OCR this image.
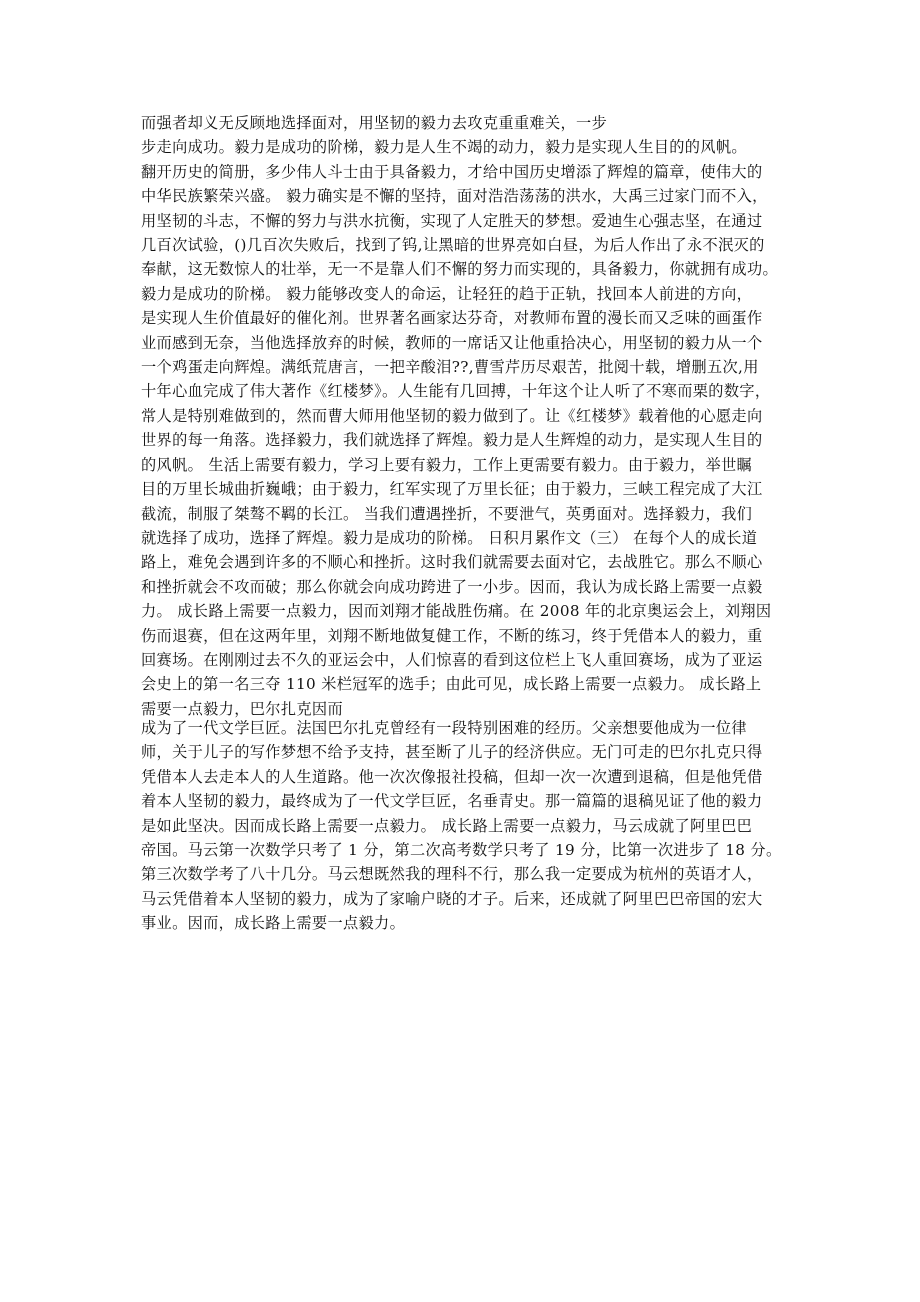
而强者却义无反顾地选择面对，用坚韧的毅力去攻克重重难关，一步
步走向成功。毅力是成功的阶梯，毅力是人生不竭的动力，毅力是实现人生目的的风帆。
翻开历史的简册，多少伟人斗士由于具备毅力，才给中国历史增添了辉煌的篇章，使伟大的
中华民族繁荣兴盛。 毅力确实是不懈的坚持，面对浩浩荡荡的洪水，大禹三过家门而不入，
用坚韧的斗志，不懈的努力与洪水抗衡，实现了人定胜天的梦想。爱迪生心强志坚，在通过
几百次试验，()几百次失败后，找到了钨,让黑暗的世界亮如白昼，为后人作出了永不泯灭的
奉献，这无数惊人的壮举，无一不是靠人们不懈的努力而实现的，具备毅力，你就拥有成功。
毅力是成功的阶梯。 毅力能够改变人的命运，让轻狂的趋于正轨，找回本人前进的方向，
是实现人生价值最好的催化剂。世界著名画家达芬奇，对教师布置的漫长而又乏味的画蛋作
业而感到无奈，当他选择放弃的时候，教师的一席话又让他重拾决心，用坚韧的毅力从一个
一个鸡蛋走向辉煌。满纸荒唐言，一把辛酸泪??,曹雪芹历尽艰苦，批阅十载，增删五次,用
十年心血完成了伟大著作《红楼梦》。人生能有几回搏，十年这个让人听了不寒而栗的数字，
常人是特别难做到的，然而曹大师用他坚韧的毅力做到了。让《红楼梦》载着他的心愿走向
世界的每一角落。选择毅力，我们就选择了辉煌。毅力是人生辉煌的动力，是实现人生目的
的风帆。 生活上需要有毅力，学习上要有毅力，工作上更需要有毅力。由于毅力，举世瞩
目的万里长城曲折巍峨；由于毅力，红军实现了万里长征；由于毅力，三峡工程完成了大江
截流，制服了桀骜不羁的长江。 当我们遭遇挫折，不要泄气，英勇面对。选择毅力，我们
就选择了成功，选择了辉煌。毅力是成功的阶梯。 日积月累作文（三） 在每个人的成长道
路上，难免会遇到许多的不顺心和挫折。这时我们就需要去面对它，去战胜它。那么不顺心
和挫折就会不攻而破；那么你就会向成功跨进了一小步。因而，我认为成长路上需要一点毅
力。 成长路上需要一点毅力，因而刘翔才能战胜伤痛。在 2008 年的北京奥运会上，刘翔因
伤而退赛，但在这两年里，刘翔不断地做复健工作，不断的练习，终于凭借本人的毅力，重
回赛场。在刚刚过去不久的亚运会中，人们惊喜的看到这位栏上飞人重回赛场，成为了亚运
会史上的第一名三夺 110 米栏冠军的选手；由此可见，成长路上需要一点毅力。 成长路上
需要一点毅力，巴尔扎克因而
成为了一代文学巨匠。法国巴尔扎克曾经有一段特别困难的经历。父亲想要他成为一位律
师，关于儿子的写作梦想不给予支持，甚至断了儿子的经济供应。无门可走的巴尔扎克只得
凭借本人去走本人的人生道路。他一次次像报社投稿，但却一次一次遭到退稿，但是他凭借
着本人坚韧的毅力，最终成为了一代文学巨匠，名垂青史。那一篇篇的退稿见证了他的毅力
是如此坚决。因而成长路上需要一点毅力。 成长路上需要一点毅力，马云成就了阿里巴巴
帝国。马云第一次数学只考了 1 分，第二次高考数学只考了 19 分，比第一次进步了 18 分。
第三次数学考了八十几分。马云想既然我的理科不行，那么我一定要成为杭州的英语才人，
马云凭借着本人坚韧的毅力，成为了家喻户晓的才子。后来，还成就了阿里巴巴帝国的宏大
事业。因而，成长路上需要一点毅力。
